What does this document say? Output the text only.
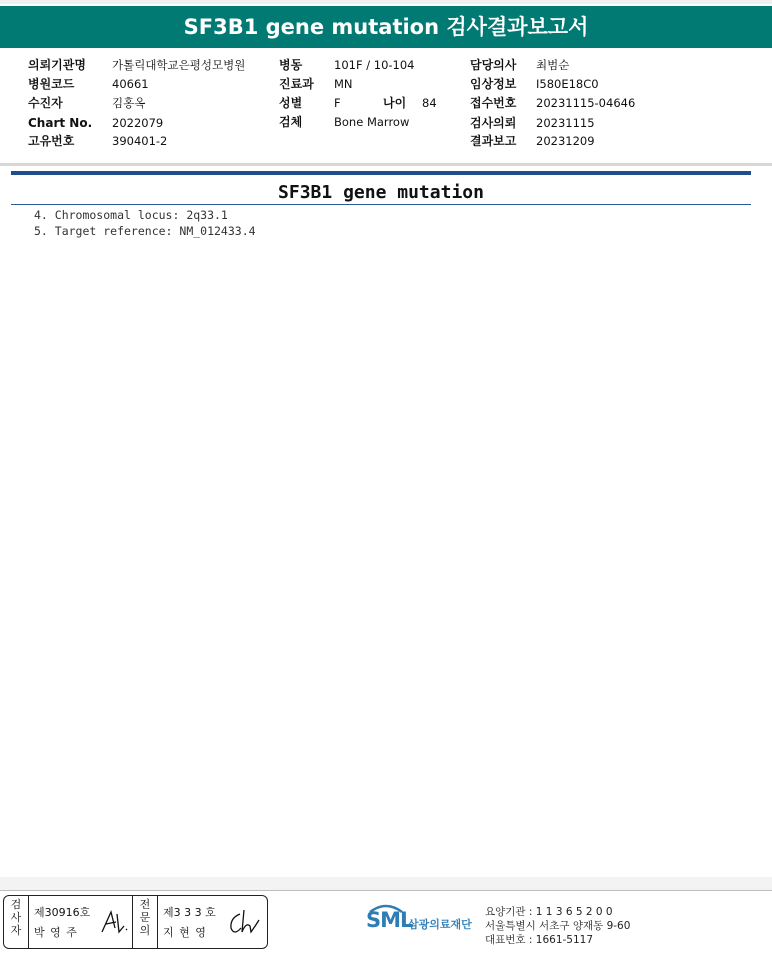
SF3B1 gene mutation 검사결과보고서
의뢰기관명 가톨릭대학교은평성모병원
병원코드	40661
수진자	김홍옥
Chart No. 2022079
고유번호	390401-2
병동	101F / 10-104
진료과 MN
성별	F	나이 84
검체	Bone Marrow
담당의사 최범순
임상정보 I580E18C0
접수번호 20231115-04646
검사의뢰 20231115
결과보고 20231209
SF3B1 gene mutation
4. Chromosomal locus: 2q33.1
5. Target reference: NM_012433.4
검사자
제30916호
박 영 주
전문의
제3 3 3 호
지 현 영
SML
삼광의료재단
요양기관 : 1 1 3 6 5 2 0 0
서울특별시 서초구 양재동 9-60
대표번호 : 1661-5117
